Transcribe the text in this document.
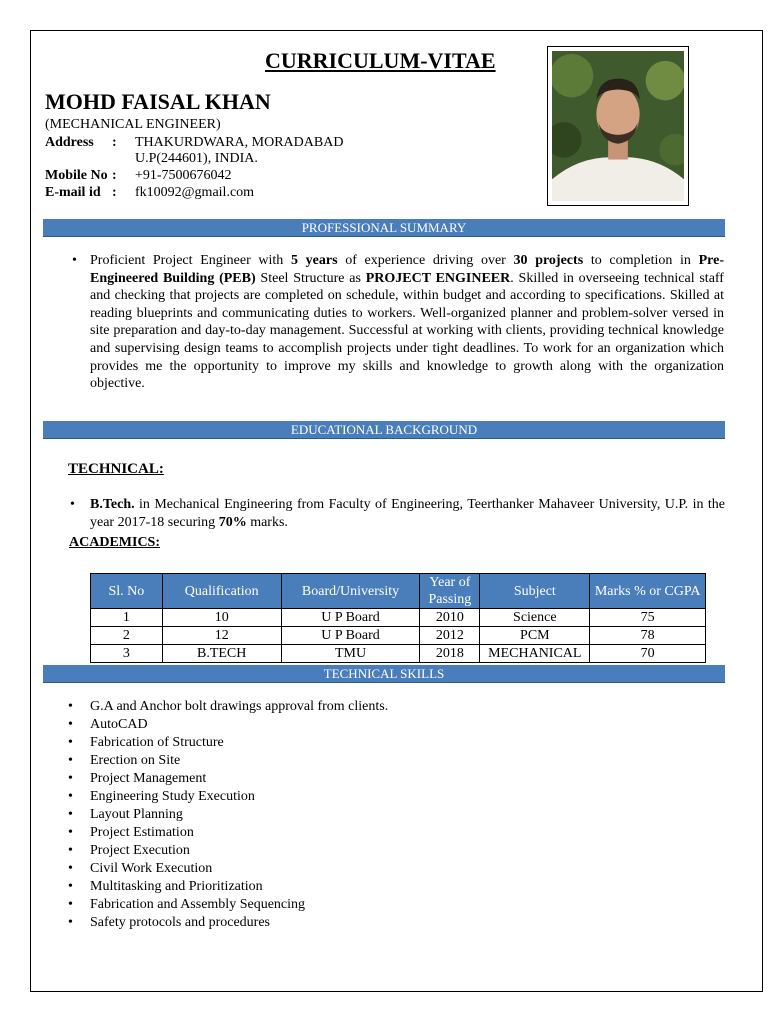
CURRICULUM-VITAE
MOHD FAISAL KHAN
(MECHANICAL ENGINEER)
Address : THAKURDWARA, MORADABAD
U.P(244601), INDIA.
Mobile No : +91-7500676042
E-mail id : fk10092@gmail.com
PROFESSIONAL SUMMARY
• Proficient Project Engineer with 5 years of experience driving over 30 projects to completion in Pre-Engineered Building (PEB) Steel Structure as PROJECT ENGINEER. Skilled in overseeing technical staff and checking that projects are completed on schedule, within budget and according to specifications. Skilled at reading blueprints and communicating duties to workers. Well-organized planner and problem-solver versed in site preparation and day-to-day management. Successful at working with clients, providing technical knowledge and supervising design teams to accomplish projects under tight deadlines. To work for an organization which provides me the opportunity to improve my skills and knowledge to growth along with the organization objective.

EDUCATIONAL BACKGROUND
TECHNICAL:
• B.Tech. in Mechanical Engineering from Faculty of Engineering, Teerthanker Mahaveer University, U.P. in the year 2017-18 securing 70% marks.

ACADEMICS:
Sl. No	Qualification	Board/University	Year of Passing	Subject	Marks % or CGPA
1	10	U P Board	2010	Science	75
2	12	U P Board	2012	PCM	78
3	B.TECH	TMU	2018	MECHANICAL	70
TECHNICAL SKILLS
• G.A and Anchor bolt drawings approval from clients.
• AutoCAD
• Fabrication of Structure
• Erection on Site
• Project Management
• Engineering Study Execution
• Layout Planning
• Project Estimation
• Project Execution
• Civil Work Execution
• Multitasking and Prioritization
• Fabrication and Assembly Sequencing
• Safety protocols and procedures
